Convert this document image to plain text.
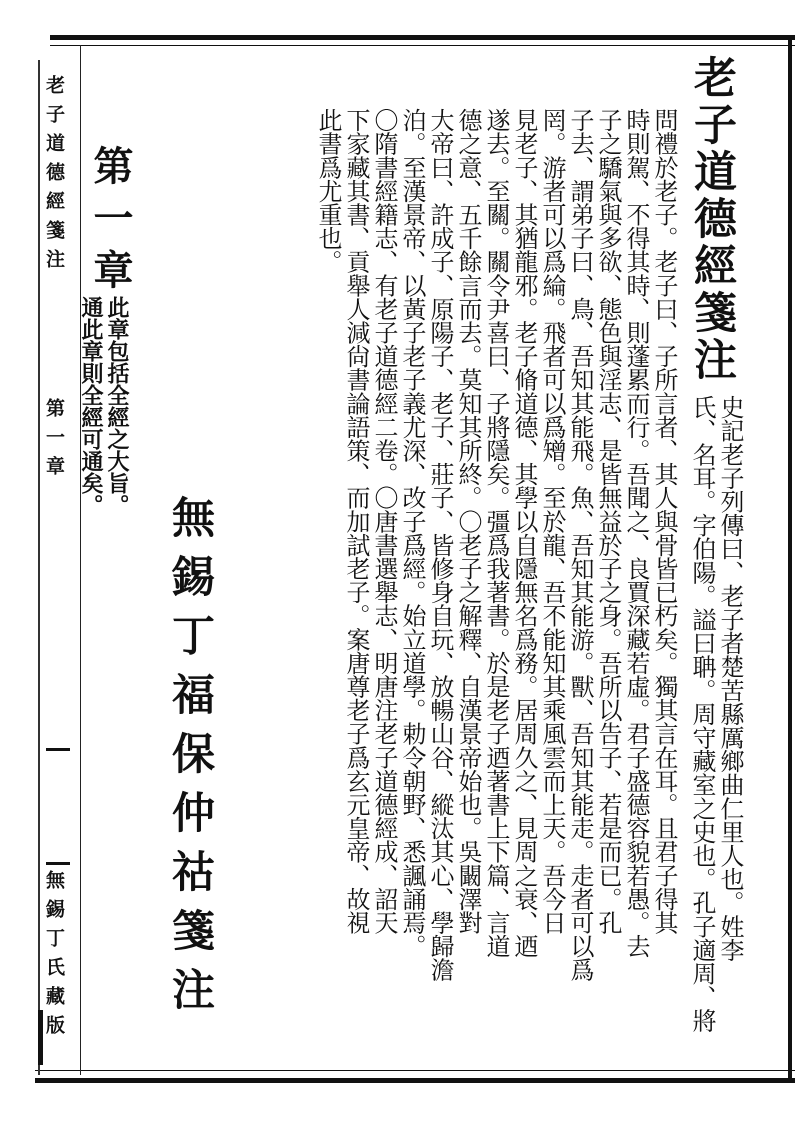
老子道德經箋注
史記老子列傳曰、老子者楚苦縣厲鄉曲仁里人也。姓李
氏、名耳。字伯陽。謚曰聃。周守藏室之史也。孔子適周、將
問禮於老子。老子曰、子所言者、其人與骨皆已朽矣。獨其言在耳。且君子得其
時則駕、不得其時、則蓬累而行。吾聞之、良賈深藏若虛。君子盛德容貌若愚。去
子之驕氣與多欲、態色與淫志、是皆無益於子之身。吾所以告子、若是而已。孔
子去、謂弟子曰、鳥、吾知其能飛。魚、吾知其能游。獸、吾知其能走。走者可以爲
罔。游者可以爲綸。飛者可以爲矰。至於龍、吾不能知其乘風雲而上天。吾今日
見老子、其猶龍邪。老子脩道德、其學以自隱無名爲務。居周久之、見周之衰、迺
遂去。至關。關令尹喜曰、子將隱矣。彊爲我著書。於是老子迺著書上下篇、言道
德之意、五千餘言而去。莫知其所終。〇老子之解釋、自漢景帝始也。吳闞澤對
大帝曰、許成子、原陽子、老子、莊子、皆修身自玩、放暢山谷、縱汰其心、學歸澹
泊。至漢景帝、以黃子老子義尤深、改子爲經。始立道學。勅令朝野、悉諷誦焉。
〇隋書經籍志、有老子道德經二卷。〇唐書選舉志、明唐注老子道德經成、詔天
下家藏其書、貢舉人減尙書論語策、而加試老子。案唐尊老子爲玄元皇帝、故視
此書爲尤重也。
第一章
此章包括全經之大旨。
通此章則全經可通矣。
無錫丁福保仲祜箋注
老子道德經箋注
第一章
無錫丁氏藏版
